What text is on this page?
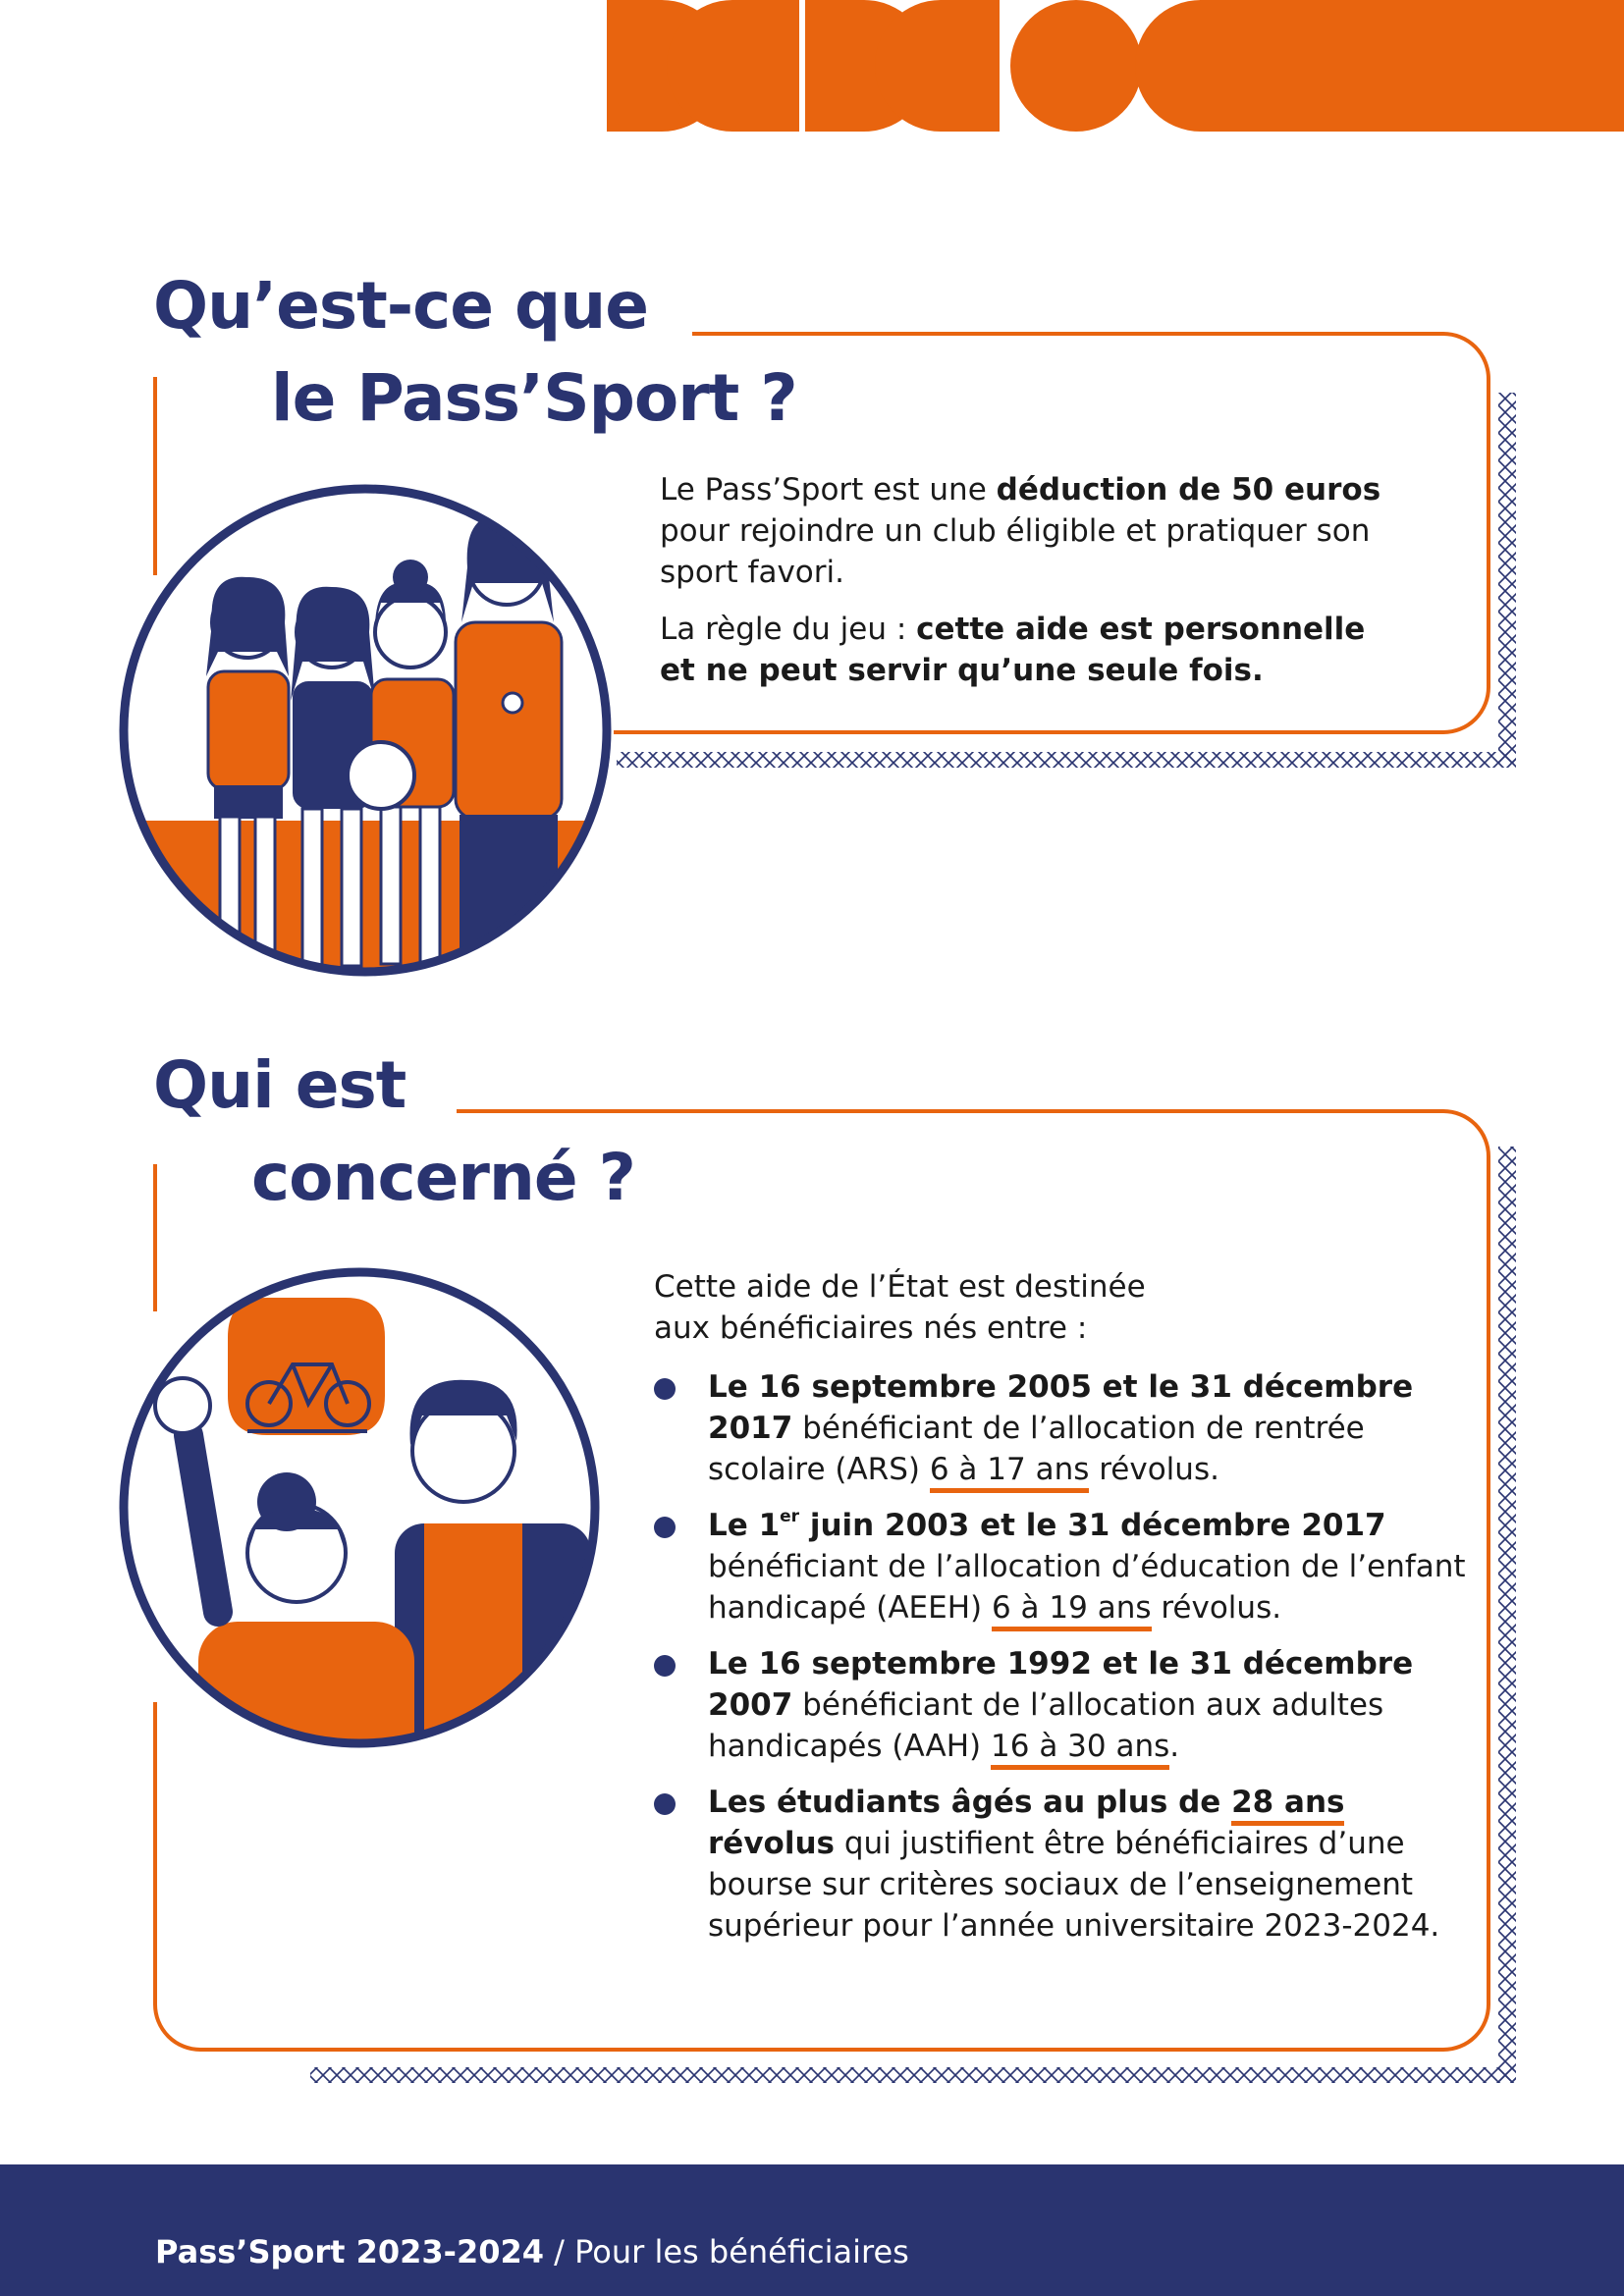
Qu’est-ce que
le Pass’Sport ?

Le Pass’Sport est une déduction de 50 euros pour rejoindre un club éligible et pratiquer son sport favori.

La règle du jeu : cette aide est personnelle et ne peut servir qu’une seule fois.

Qui est
concerné ?

Cette aide de l’État est destinée aux bénéficiaires nés entre :

Le 16 septembre 2005 et le 31 décembre 2017 bénéficiant de l’allocation de rentrée scolaire (ARS) 6 à 17 ans révolus.
Le 1er juin 2003 et le 31 décembre 2017 bénéficiant de l’allocation d’éducation de l’enfant handicapé (AEEH) 6 à 19 ans révolus.
Le 16 septembre 1992 et le 31 décembre 2007 bénéficiant de l’allocation aux adultes handicapés (AAH) 16 à 30 ans.
Les étudiants âgés au plus de 28 ans révolus qui justifient être bénéficiaires d’une bourse sur critères sociaux de l’enseignement supérieur pour l’année universitaire 2023-2024.
Pass’Sport 2023-2024 / Pour les bénéficiaires
